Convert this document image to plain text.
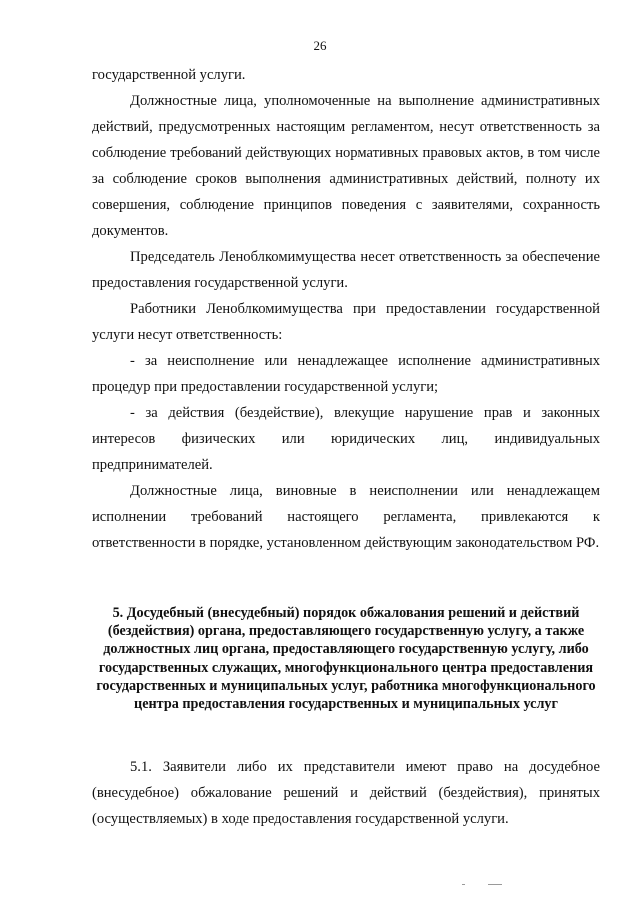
26

государственной услуги.

Должностные лица, уполномоченные на выполнение административных действий, предусмотренных настоящим регламентом, несут ответственность за соблюдение требований действующих нормативных правовых актов, в том числе за соблюдение сроков выполнения административных действий, полноту их совершения, соблюдение принципов поведения с заявителями, сохранность документов.

Председатель Леноблкомимущества несет ответственность за обеспечение предоставления государственной услуги.

Работники Леноблкомимущества при предоставлении государственной услуги несут ответственность:

- за неисполнение или ненадлежащее исполнение административных процедур при предоставлении государственной услуги;

- за действия (бездействие), влекущие нарушение прав и законных интересов физических или юридических лиц, индивидуальных предпринимателей.

Должностные лица, виновные в неисполнении или ненадлежащем исполнении требований настоящего регламента, привлекаются к ответственности в порядке, установленном действующим законодательством РФ.

5. Досудебный (внесудебный) порядок обжалования решений и действий (бездействия) органа, предоставляющего государственную услугу, а также должностных лиц органа, предоставляющего государственную услугу, либо государственных служащих, многофункционального центра предоставления государственных и муниципальных услуг, работника многофункционального центра предоставления государственных и муниципальных услуг

5.1. Заявители либо их представители имеют право на досудебное (внесудебное) обжалование решений и действий (бездействия), принятых (осуществляемых) в ходе предоставления государственной услуги.
